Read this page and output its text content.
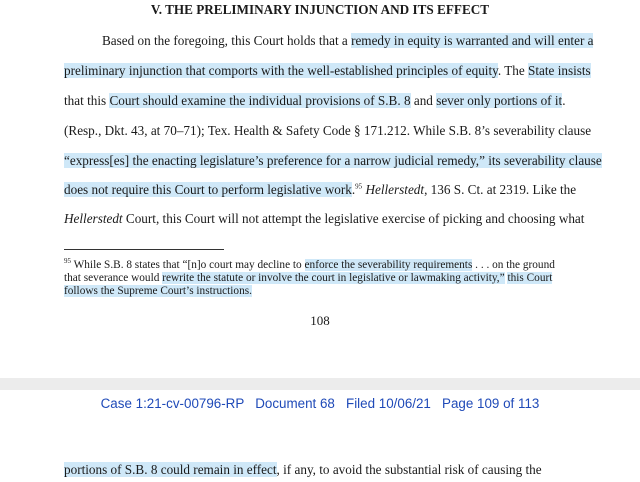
V. THE PRELIMINARY INJUNCTION AND ITS EFFECT
Based on the foregoing, this Court holds that a remedy in equity is warranted and will enter a
preliminary injunction that comports with the well-established principles of equity. The State insists
that this Court should examine the individual provisions of S.B. 8 and sever only portions of it.
(Resp., Dkt. 43, at 70–71); Tex. Health & Safety Code § 171.212. While S.B. 8’s severability clause
“express[es] the enacting legislature’s preference for a narrow judicial remedy,” its severability clause
does not require this Court to perform legislative work.$^{95}$ Hellerstedt, 136 S. Ct. at 2319. Like the
Hellerstedt Court, this Court will not attempt the legislative exercise of picking and choosing what
$^{95}$ While S.B. 8 states that “[n]o court may decline to enforce the severability requirements . . . on the ground
that severance would rewrite the statute or involve the court in legislative or lawmaking activity,” this Court
follows the Supreme Court’s instructions.
108
Case 1:21-cv-00796-RP   Document 68   Filed 10/06/21   Page 109 of 113
portions of S.B. 8 could remain in effect, if any, to avoid the substantial risk of causing the
